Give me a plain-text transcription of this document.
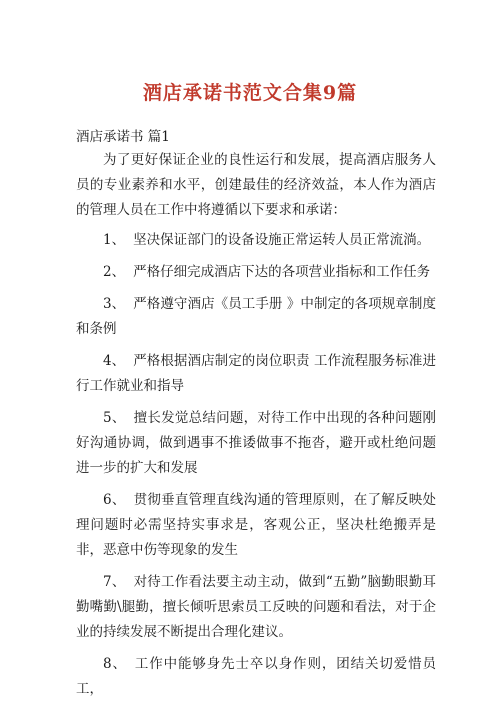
酒店承诺书范文合集9篇

酒店承诺书 篇1

为了更好保证企业的良性运行和发展，提高酒店服务人员的专业素养和水平，创建最佳的经济效益，本人作为酒店的管理人员在工作中将遵循以下要求和承诺：

1、 坚决保证部门的设备设施正常运转人员正常流淌。
2、 严格仔细完成酒店下达的各项营业指标和工作任务
3、 严格遵守酒店《员工手册 》中制定的各项规章制度和条例
4、 严格根据酒店制定的岗位职责 工作流程服务标准进行工作就业和指导
5、 擅长发觉总结问题，对待工作中出现的各种问题刚好沟通协调，做到遇事不推诿做事不拖沓，避开或杜绝问题进一步的扩大和发展
6、 贯彻垂直管理直线沟通的管理原则，在了解反映处理问题时必需坚持实事求是，客观公正，坚决杜绝搬弄是非，恶意中伤等现象的发生
7、 对待工作看法要主动主动，做到“五勤”脑勤眼勤耳勤嘴勤\腿勤，擅长倾听思索员工反映的问题和看法，对于企业的持续发展不断提出合理化建议。
8、 工作中能够身先士卒以身作则，团结关切爱惜员工，
